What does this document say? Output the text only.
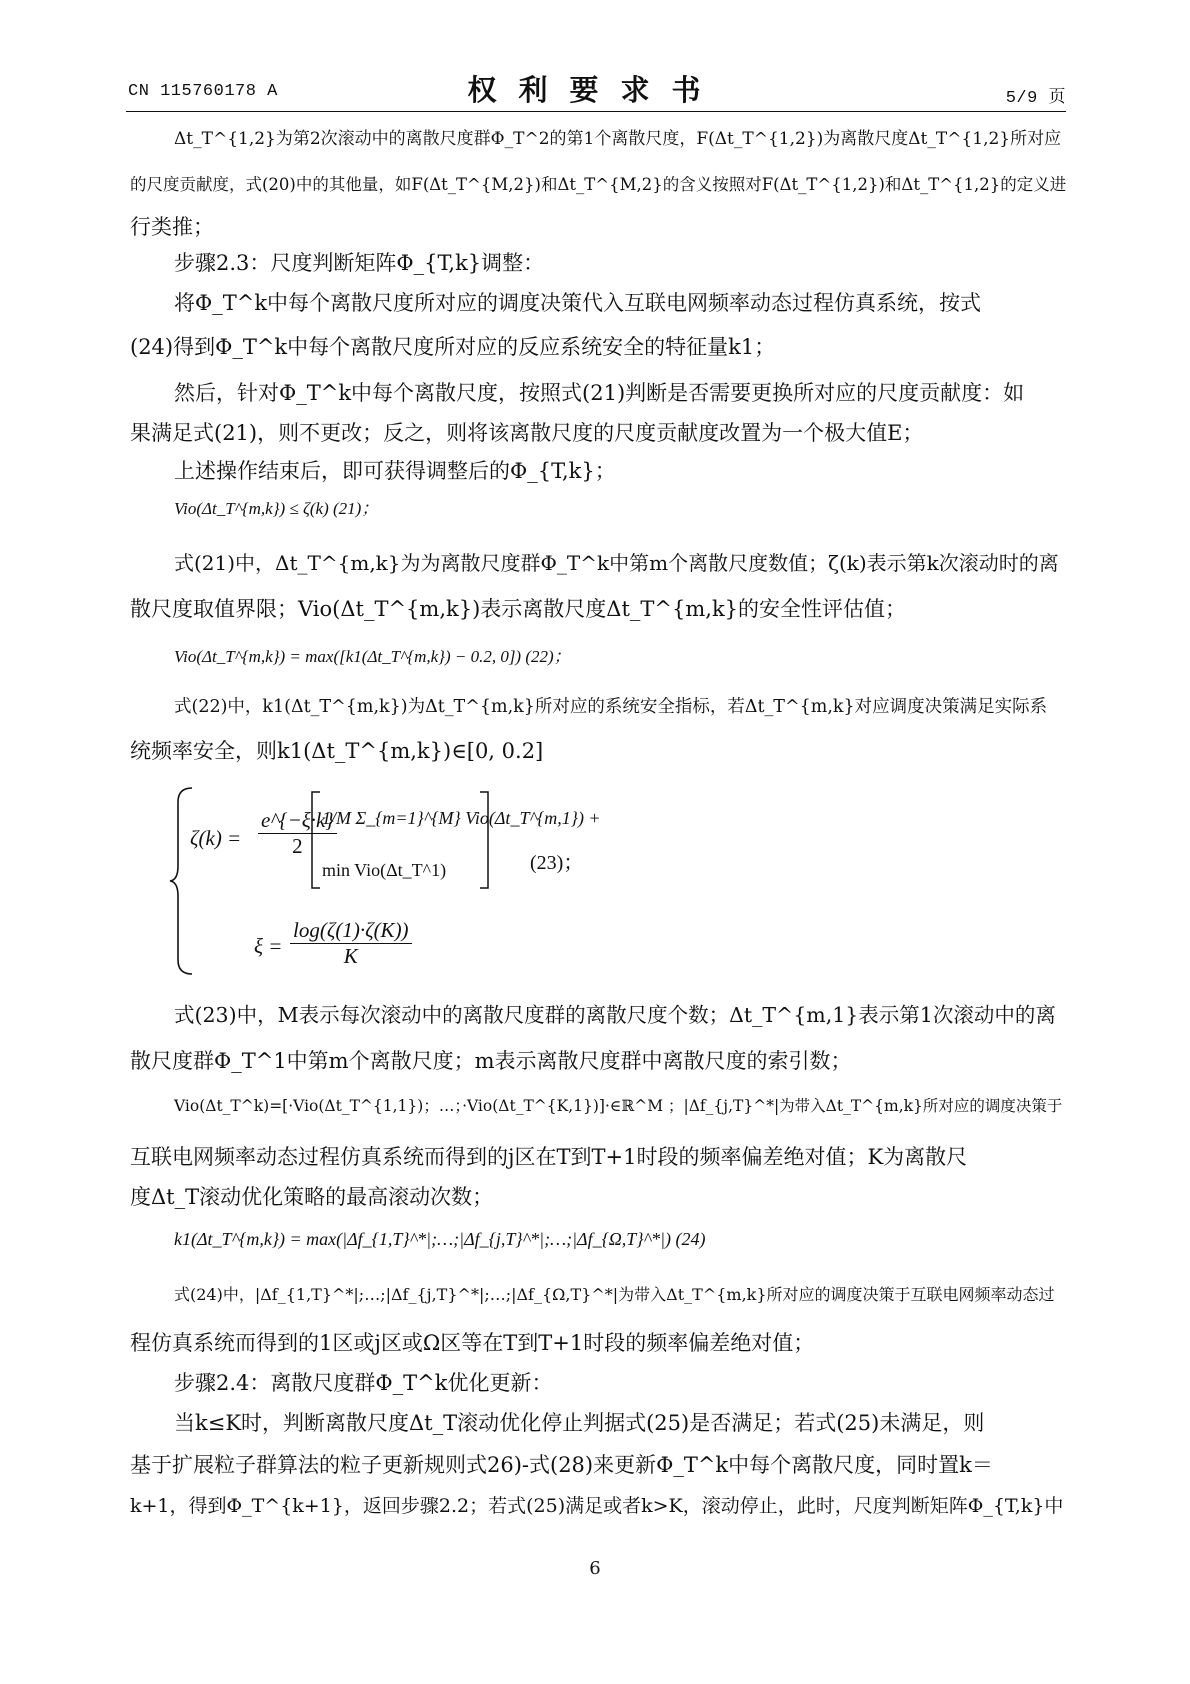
CN 115760178 A	权利要求书	5/9 页
Δt_T^{1,2}为第2次滚动中的离散尺度群Φ_T^2的第1个离散尺度，F(Δt_T^{1,2})为离散尺度Δt_T^{1,2}所对应
的尺度贡献度，式(20)中的其他量，如F(Δt_T^{M,2})和Δt_T^{M,2}的含义按照对F(Δt_T^{1,2})和Δt_T^{1,2}的定义进
行类推；
步骤2.3：尺度判断矩阵Φ_{T,k}调整：
将Φ_T^k中每个离散尺度所对应的调度决策代入互联电网频率动态过程仿真系统，按式
(24)得到Φ_T^k中每个离散尺度所对应的反应系统安全的特征量k1；
然后，针对Φ_T^k中每个离散尺度，按照式(21)判断是否需要更换所对应的尺度贡献度：如
果满足式(21)，则不更改；反之，则将该离散尺度的尺度贡献度改置为一个极大值E；
上述操作结束后，即可获得调整后的Φ_{T,k}；
Vio(Δt_T^{m,k}) ≤ ζ(k) (21)；
式(21)中，Δt_T^{m,k}为为离散尺度群Φ_T^k中第m个离散尺度数值；ζ(k)表示第k次滚动时的离
散尺度取值界限；Vio(Δt_T^{m,k})表示离散尺度Δt_T^{m,k}的安全性评估值；
Vio(Δt_T^{m,k}) = max([k1(Δt_T^{m,k}) − 0.2, 0]) (22)；
式(22)中，k1(Δt_T^{m,k})为Δt_T^{m,k}所对应的系统安全指标，若Δt_T^{m,k}对应调度决策满足实际系
统频率安全，则k1(Δt_T^{m,k})∈[0, 0.2]
$\zeta(k) = \frac{e\^{}\{-\xi\cdot k\}}{2}$
1/M Σ_{m=1}^{M} Vio(Δt_T^{m,1}) +
min Vio(Δt_T^1)	(23)；
$\xi = \frac{\log(\zeta(1)\cdot\zeta(K))}{K}$
式(23)中，M表示每次滚动中的离散尺度群的离散尺度个数；Δt_T^{m,1}表示第1次滚动中的离
散尺度群Φ_T^1中第m个离散尺度；m表示离散尺度群中离散尺度的索引数；
Vio(Δt_T^k)=[·Vio(Δt_T^{1,1})；…；·Vio(Δt_T^{K,1})]·∈ℝ^M ；|Δf_{j,T}^*|为带入Δt_T^{m,k}所对应的调度决策于
互联电网频率动态过程仿真系统而得到的j区在T到T+1时段的频率偏差绝对值；K为离散尺
度Δt_T滚动优化策略的最高滚动次数；
k1(Δt_T^{m,k}) = max(|Δf_{1,T}^*|;…;|Δf_{j,T}^*|;…;|Δf_{Ω,T}^*|) (24)
式(24)中，|Δf_{1,T}^*|;…;|Δf_{j,T}^*|;…;|Δf_{Ω,T}^*|为带入Δt_T^{m,k}所对应的调度决策于互联电网频率动态过
程仿真系统而得到的1区或j区或Ω区等在T到T+1时段的频率偏差绝对值；
步骤2.4：离散尺度群Φ_T^k优化更新：
当k≤K时，判断离散尺度Δt_T滚动优化停止判据式(25)是否满足；若式(25)未满足，则
基于扩展粒子群算法的粒子更新规则式26)-式(28)来更新Φ_T^k中每个离散尺度，同时置k＝
k+1，得到Φ_T^{k+1}，返回步骤2.2；若式(25)满足或者k>K，滚动停止，此时，尺度判断矩阵Φ_{T,k}中
6
